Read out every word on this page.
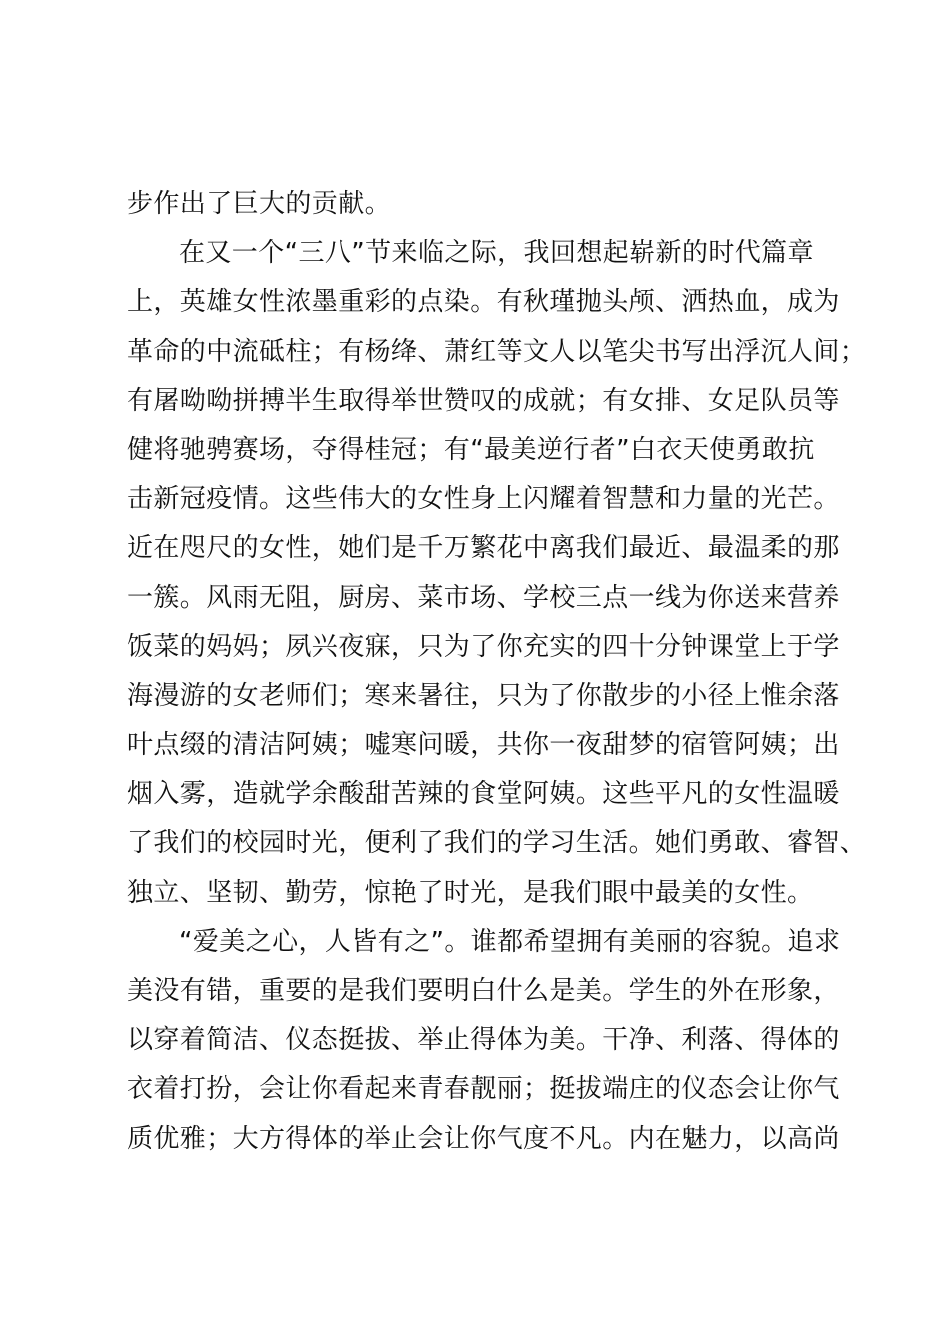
步作出了巨大的贡献。
在又一个“三八”节来临之际，我回想起崭新的时代篇章
上，英雄女性浓墨重彩的点染。有秋瑾抛头颅、洒热血，成为
革命的中流砥柱；有杨绛、萧红等文人以笔尖书写出浮沉人间；
有屠呦呦拼搏半生取得举世赞叹的成就；有女排、女足队员等
健将驰骋赛场，夺得桂冠；有“最美逆行者”白衣天使勇敢抗
击新冠疫情。这些伟大的女性身上闪耀着智慧和力量的光芒。
近在咫尺的女性，她们是千万繁花中离我们最近、最温柔的那
一簇。风雨无阻，厨房、菜市场、学校三点一线为你送来营养
饭菜的妈妈；夙兴夜寐，只为了你充实的四十分钟课堂上于学
海漫游的女老师们；寒来暑往，只为了你散步的小径上惟余落
叶点缀的清洁阿姨；嘘寒问暖，共你一夜甜梦的宿管阿姨；出
烟入雾，造就学余酸甜苦辣的食堂阿姨。这些平凡的女性温暖
了我们的校园时光，便利了我们的学习生活。她们勇敢、睿智、
独立、坚韧、勤劳，惊艳了时光，是我们眼中最美的女性。
“爱美之心，人皆有之”。谁都希望拥有美丽的容貌。追求
美没有错，重要的是我们要明白什么是美。学生的外在形象，
以穿着简洁、仪态挺拔、举止得体为美。干净、利落、得体的
衣着打扮，会让你看起来青春靓丽；挺拔端庄的仪态会让你气
质优雅；大方得体的举止会让你气度不凡。内在魅力，以高尚
